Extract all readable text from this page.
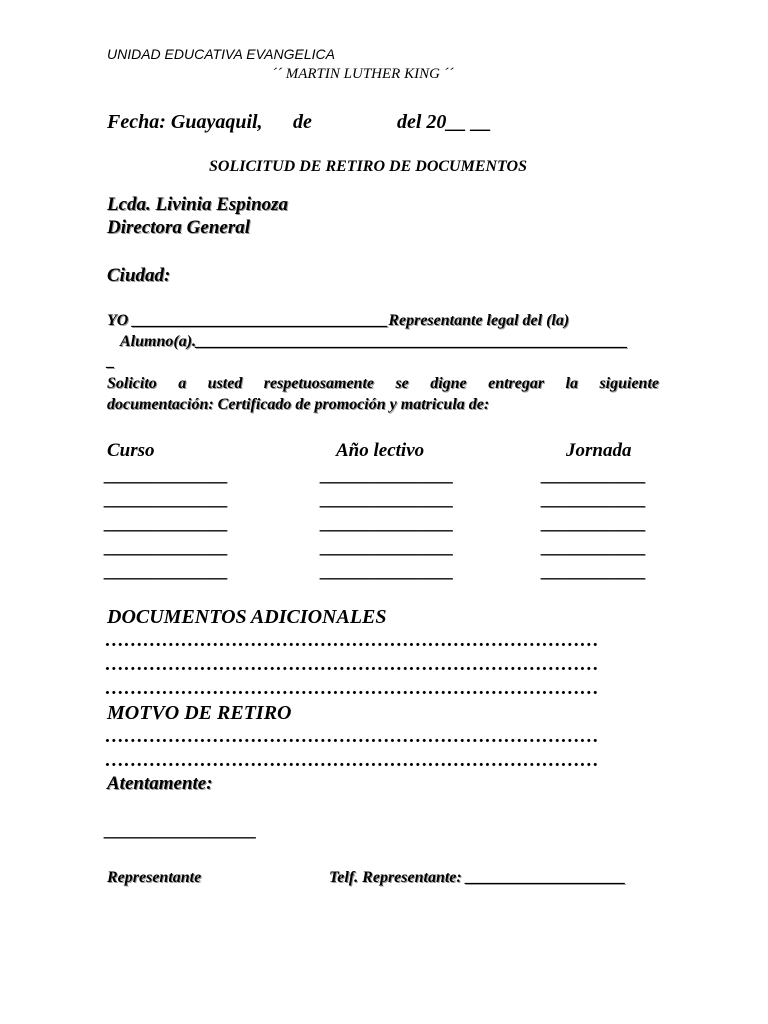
UNIDAD EDUCATIVA EVANGELICA
´´ MARTIN LUTHER KING ´´
Fecha: Guayaquil, de	del 20__ __
SOLICITUD DE RETIRO DE DOCUMENTOS
Lcda. Livinia Espinoza
Directora General
Ciudad:
YO ________________________________Representante legal del (la)
Alumno(a).______________________________________________________
_
Solicito a usted respetuosamente se digne entregar la siguiente
documentación: Certificado de promoción y matricula de:
Curso	Año lectivo	Jornada
_____________	______________	___________
_____________	______________	___________
_____________	______________	___________
_____________	______________	___________
_____________	______________	___________
DOCUMENTOS ADICIONALES
……………………………………………………………………
……………………………………………………………………
……………………………………………………………………
MOTVO DE RETIRO
……………………………………………………………………
……………………………………………………………………
Atentamente:
________________
Representante	Telf. Representante: ____________________
